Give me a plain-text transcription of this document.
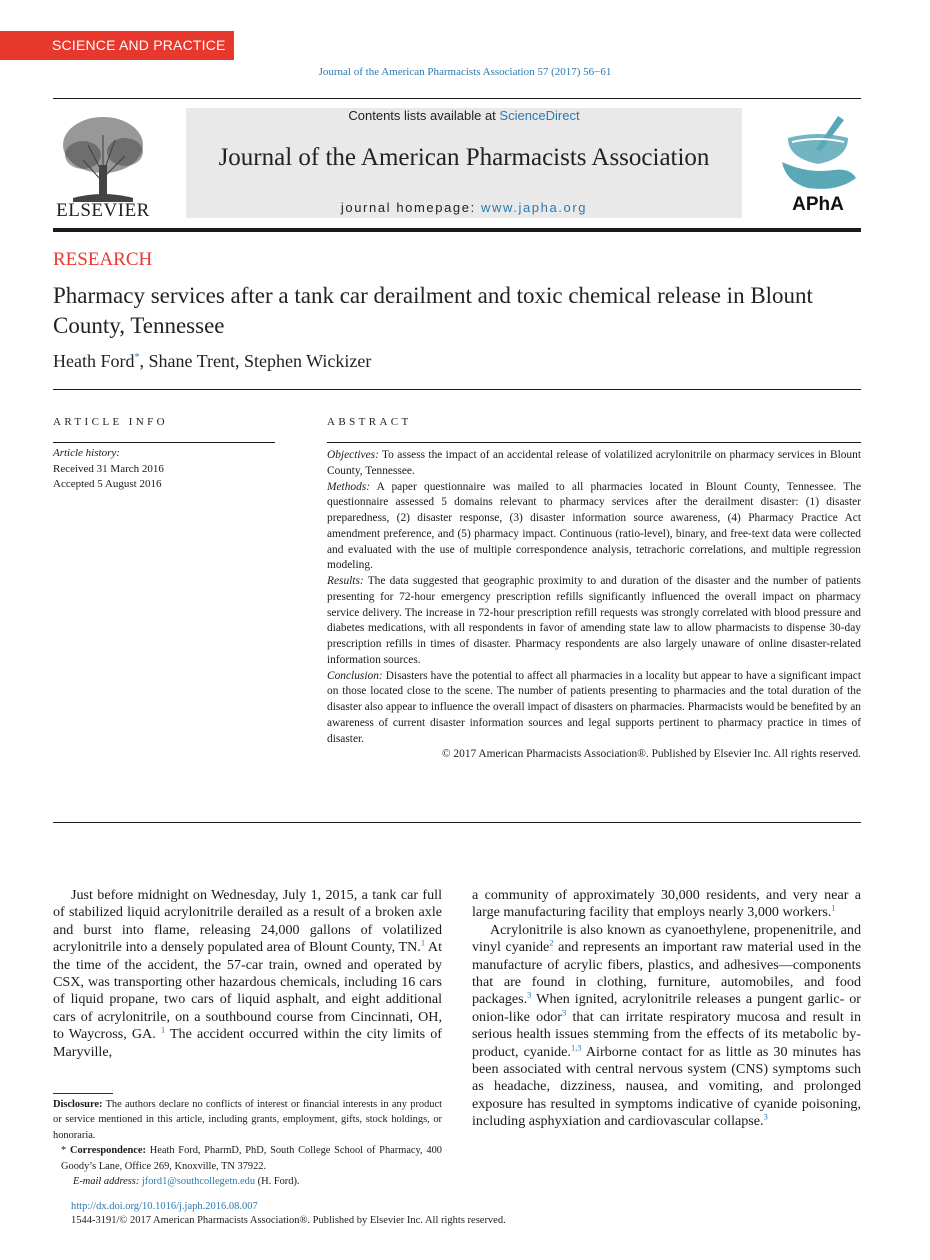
SCIENCE AND PRACTICE
Journal of the American Pharmacists Association 57 (2017) 56−61
ELSEVIER
Contents lists available at ScienceDirect
Journal of the American Pharmacists Association
journal homepage: www.japha.org	APhA
RESEARCH
Pharmacy services after a tank car derailment and toxic chemical release in Blount County, Tennessee
Heath Ford*, Shane Trent, Stephen Wickizer
ARTICLE INFO
Article history:
Received 31 March 2016
Accepted 5 August 2016
ABSTRACT

Objectives: To assess the impact of an accidental release of volatilized acrylonitrile on pharmacy services in Blount County, Tennessee.

Methods: A paper questionnaire was mailed to all pharmacies located in Blount County, Tennessee. The questionnaire assessed 5 domains relevant to pharmacy services after the derailment disaster: (1) disaster preparedness, (2) disaster response, (3) disaster information source awareness, (4) Pharmacy Practice Act amendment preference, and (5) pharmacy impact. Continuous (ratio-level), binary, and free-text data were collected and evaluated with the use of multiple correspondence analysis, tetrachoric correlations, and multiple regression modeling.

Results: The data suggested that geographic proximity to and duration of the disaster and the number of patients presenting for 72-hour emergency prescription refills significantly influenced the overall impact on pharmacy service delivery. The increase in 72-hour prescription refill requests was strongly correlated with blood pressure and diabetes medications, with all respondents in favor of amending state law to allow pharmacists to dispense 30-day prescription refills in times of disaster. Pharmacy respondents are also largely unaware of online disaster-related information sources.

Conclusion: Disasters have the potential to affect all pharmacies in a locality but appear to have a significant impact on those located close to the scene. The number of patients presenting to pharmacies and the total duration of the disaster also appear to influence the overall impact of disasters on pharmacies. Pharmacists would be benefited by an awareness of current disaster information sources and legal supports pertinent to pharmacy practice in times of disaster.

© 2017 American Pharmacists Association®. Published by Elsevier Inc. All rights reserved.

Just before midnight on Wednesday, July 1, 2015, a tank car full of stabilized liquid acrylonitrile derailed as a result of a broken axle and burst into flame, releasing 24,000 gallons of volatilized acrylonitrile into a densely populated area of Blount County, TN.$^1$ At the time of the accident, the 57-car train, owned and operated by CSX, was transporting other hazardous chemicals, including 16 cars of liquid propane, two cars of liquid asphalt, and eight additional cars of acrylonitrile, on a southbound course from Cincinnati, OH, to Waycross, GA. $^1$ The accident occurred within the city limits of Maryville,

a community of approximately 30,000 residents, and very near a large manufacturing facility that employs nearly 3,000 workers.$^1$

Acrylonitrile is also known as cyanoethylene, propenenitrile, and vinyl cyanide$^2$ and represents an important raw material used in the manufacture of acrylic fibers, plastics, and adhesives—components that are found in clothing, furniture, automobiles, and food packages.$^3$ When ignited, acrylonitrile releases a pungent garlic- or onion-like odor$^3$ that can irritate respiratory mucosa and result in serious health issues stemming from the effects of its metabolic by-product, cyanide.$^{1,3}$ Airborne contact for as little as 30 minutes has been associated with central nervous system (CNS) symptoms such as headache, dizziness, nausea, and vomiting, and prolonged exposure has resulted in symptoms indicative of cyanide poisoning, including asphyxiation and cardiovascular collapse.$^3$

Disclosure: The authors declare no conflicts of interest or financial interests in any product or service mentioned in this article, including grants, employment, gifts, stock holdings, or honoraria.
* Correspondence: Heath Ford, PharmD, PhD, South College School of Pharmacy, 400 Goody’s Lane, Office 269, Knoxville, TN 37922.
E-mail address: jford1@southcollegetn.edu (H. Ford).
http://dx.doi.org/10.1016/j.japh.2016.08.007
1544-3191/© 2017 American Pharmacists Association®. Published by Elsevier Inc. All rights reserved.
